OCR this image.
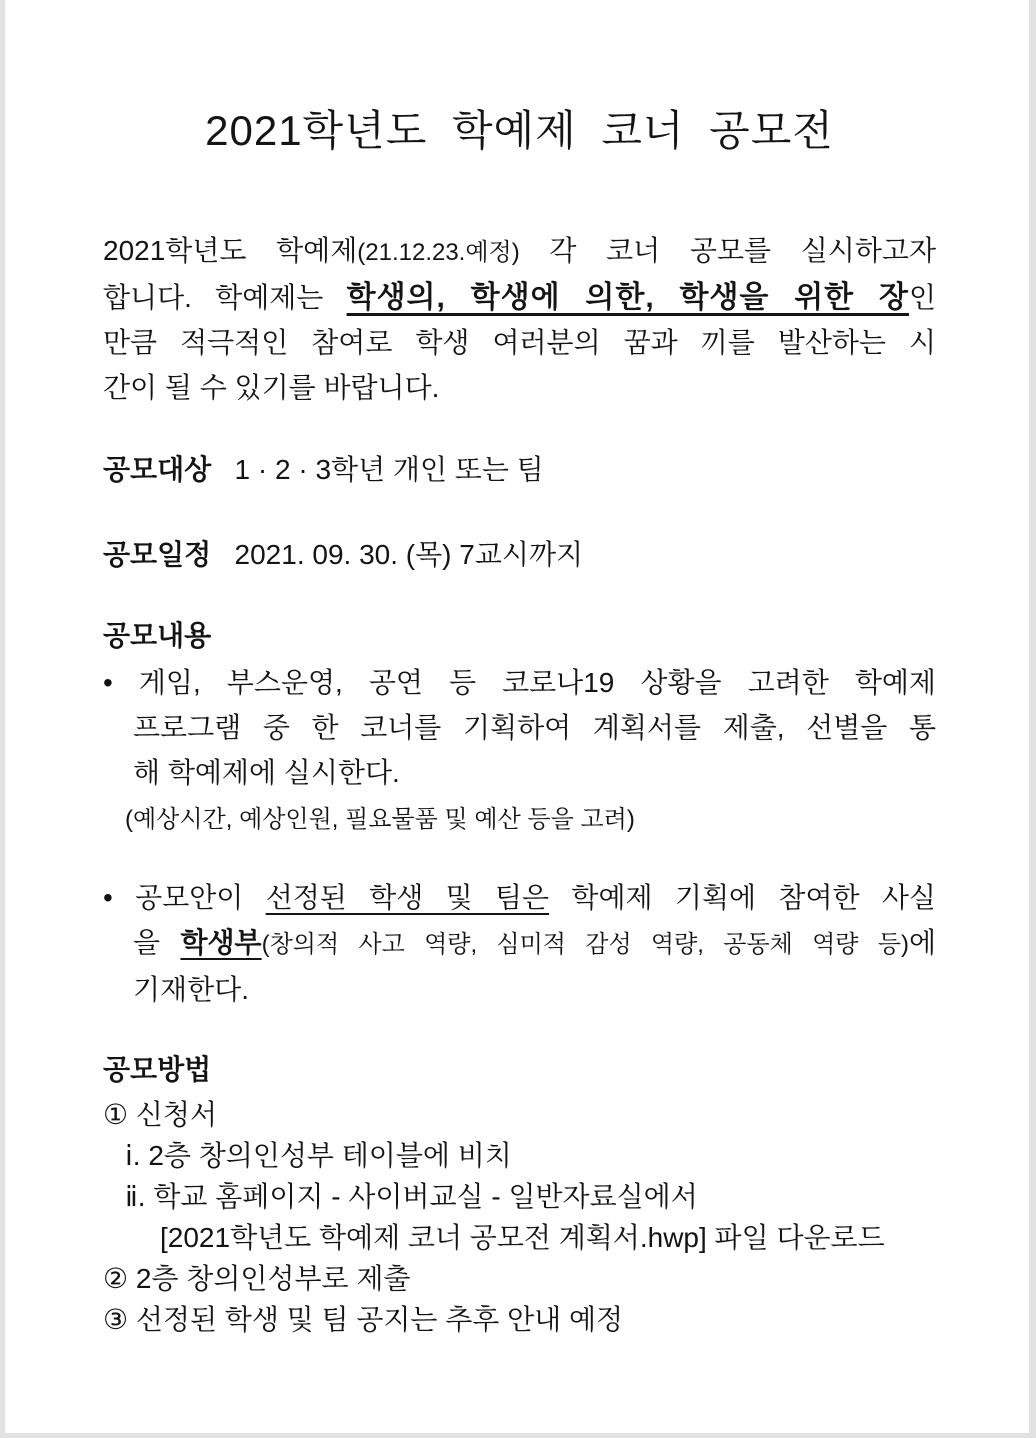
2021학년도 학예제 코너 공모전
2021학년도 학예제(21.12.23.예정) 각 코너 공모를 실시하고자
합니다. 학예제는 학생의, 학생에 의한, 학생을 위한 장인
만큼 적극적인 참여로 학생 여러분의 꿈과 끼를 발산하는 시
간이 될 수 있기를 바랍니다.
공모대상   1 · 2 · 3학년 개인 또는 팀
공모일정   2021. 09. 30. (목) 7교시까지
공모내용
• 게임, 부스운영, 공연 등 코로나19 상황을 고려한 학예제
프로그램 중 한 코너를 기획하여 계획서를 제출, 선별을 통
해 학예제에 실시한다.
(예상시간, 예상인원, 필요물품 및 예산 등을 고려)
• 공모안이 선정된 학생 및 팀은 학예제 기획에 참여한 사실
을 학생부(창의적 사고 역량, 심미적 감성 역량, 공동체 역량 등)에
기재한다.
공모방법
① 신청서
ⅰ. 2층 창의인성부 테이블에 비치
ⅱ. 학교 홈페이지 - 사이버교실 - 일반자료실에서
[2021학년도 학예제 코너 공모전 계획서.hwp] 파일 다운로드
② 2층 창의인성부로 제출
③ 선정된 학생 및 팀 공지는 추후 안내 예정
